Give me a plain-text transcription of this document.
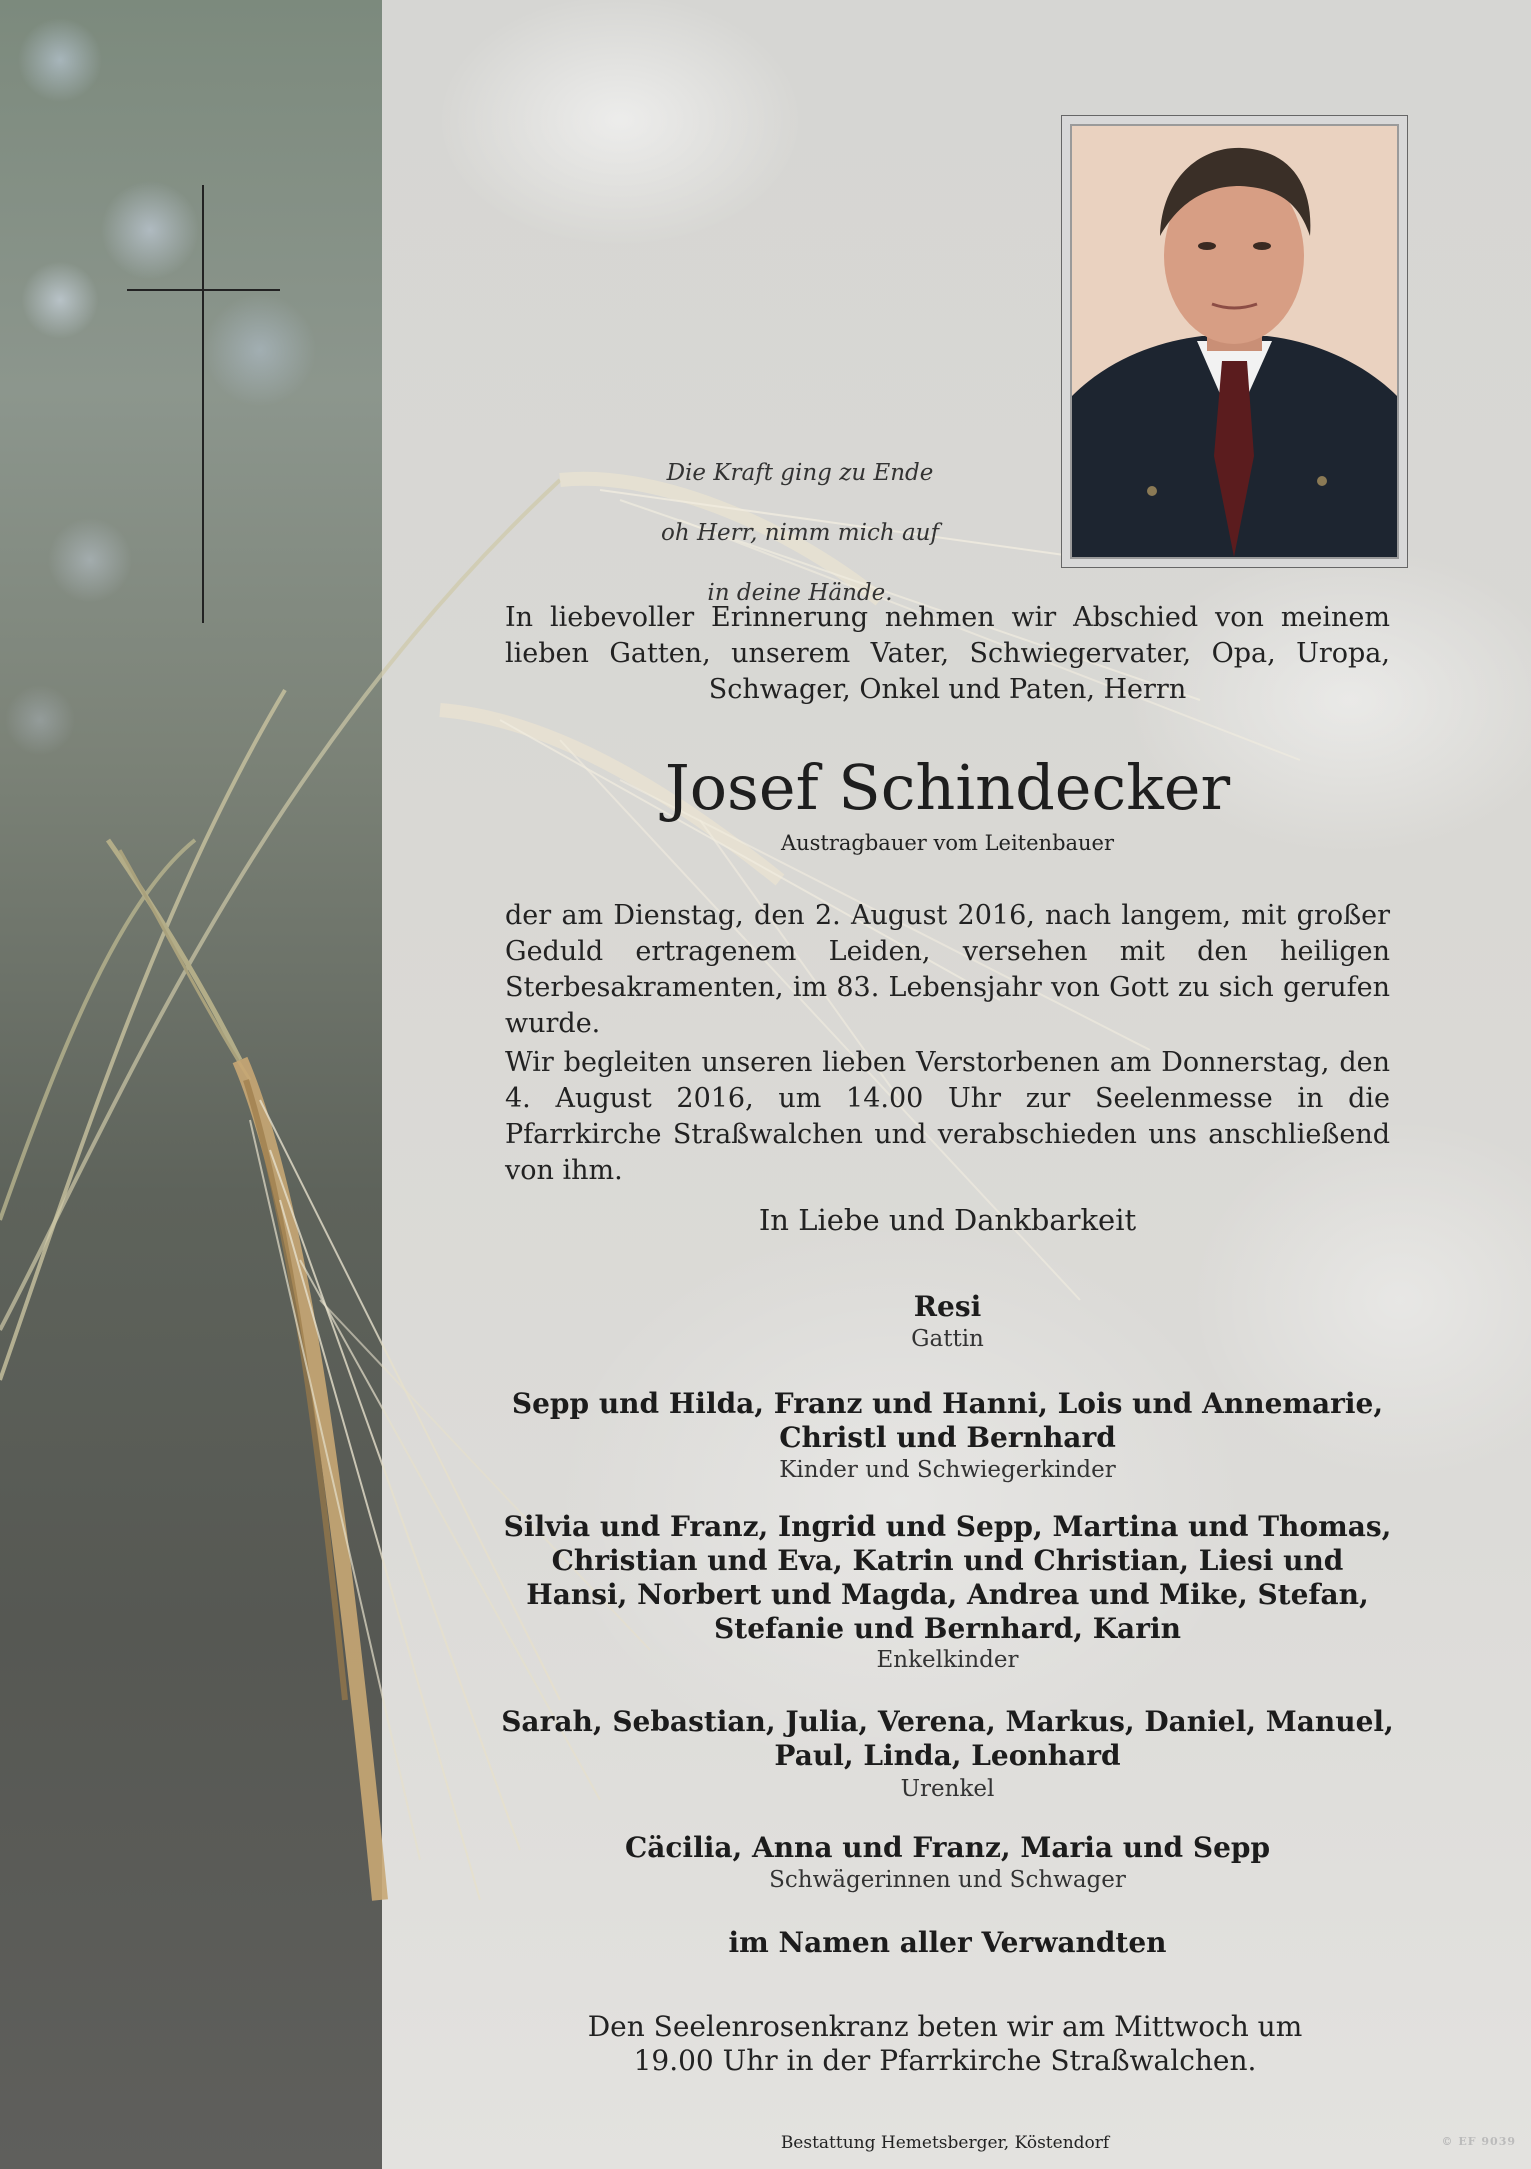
Die Kraft ging zu Ende

oh Herr, nimm mich auf

in deine Hände.

In liebevoller Erinnerung nehmen wir Abschied von meinem lieben Gatten, unserem Vater, Schwiegervater, Opa, Uropa, Schwager, Onkel und Paten, Herrn
Josef Schindecker
Austragbauer vom Leitenbauer
der am Dienstag, den 2. August 2016, nach langem, mit großer Geduld ertragenem Leiden, versehen mit den heiligen Sterbesakramenten, im 83. Lebensjahr von Gott zu sich gerufen wurde.
Wir begleiten unseren lieben Verstorbenen am Donnerstag, den 4. August 2016, um 14.00 Uhr zur Seelenmesse in die Pfarrkirche Straßwalchen und verabschieden uns anschließend von ihm.
In Liebe und Dankbarkeit
Resi
Gattin
Sepp und Hilda, Franz und Hanni, Lois und Annemarie, Christl und Bernhard
Kinder und Schwiegerkinder
Silvia und Franz, Ingrid und Sepp, Martina und Thomas, Christian und Eva, Katrin und Christian, Liesi und Hansi, Norbert und Magda, Andrea und Mike, Stefan, Stefanie und Bernhard, Karin
Enkelkinder
Sarah, Sebastian, Julia, Verena, Markus, Daniel, Manuel, Paul, Linda, Leonhard
Urenkel
Cäcilia, Anna und Franz, Maria und Sepp
Schwägerinnen und Schwager
im Namen aller Verwandten
Den Seelenrosenkranz beten wir am Mittwoch um 19.00 Uhr in der Pfarrkirche Straßwalchen.
Bestattung Hemetsberger, Köstendorf	© EF 9039
